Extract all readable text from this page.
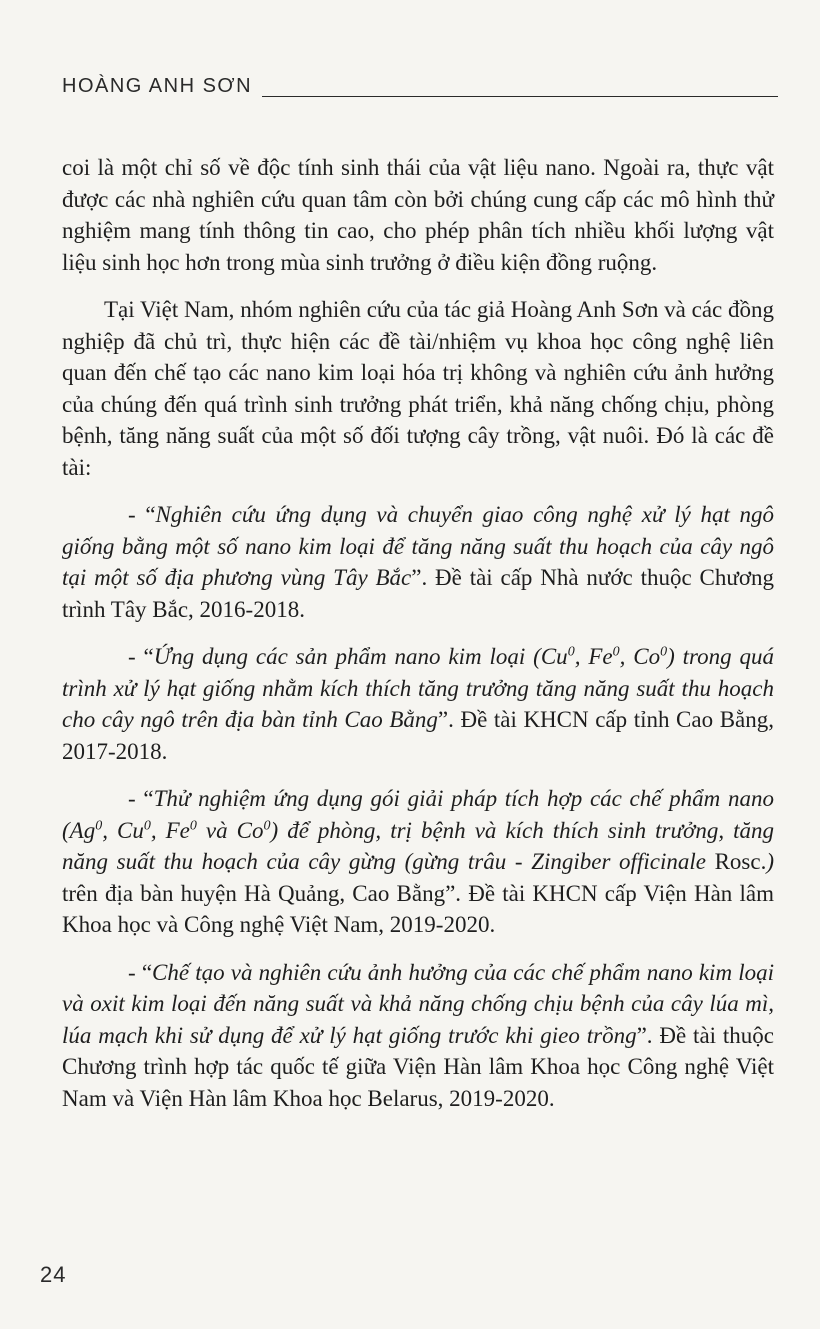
HOÀNG ANH SƠN

coi là một chỉ số về độc tính sinh thái của vật liệu nano. Ngoài ra, thực vật được các nhà nghiên cứu quan tâm còn bởi chúng cung cấp các mô hình thử nghiệm mang tính thông tin cao, cho phép phân tích nhiều khối lượng vật liệu sinh học hơn trong mùa sinh trưởng ở điều kiện đồng ruộng.

Tại Việt Nam, nhóm nghiên cứu của tác giả Hoàng Anh Sơn và các đồng nghiệp đã chủ trì, thực hiện các đề tài/nhiệm vụ khoa học công nghệ liên quan đến chế tạo các nano kim loại hóa trị không và nghiên cứu ảnh hưởng của chúng đến quá trình sinh trưởng phát triển, khả năng chống chịu, phòng bệnh, tăng năng suất của một số đối tượng cây trồng, vật nuôi. Đó là các đề tài:

- “Nghiên cứu ứng dụng và chuyển giao công nghệ xử lý hạt ngô giống bằng một số nano kim loại để tăng năng suất thu hoạch của cây ngô tại một số địa phương vùng Tây Bắc”. Đề tài cấp Nhà nước thuộc Chương trình Tây Bắc, 2016-2018.

- “Ứng dụng các sản phẩm nano kim loại (Cu$^0$, Fe$^0$, Co$^0$) trong quá trình xử lý hạt giống nhằm kích thích tăng trưởng tăng năng suất thu hoạch cho cây ngô trên địa bàn tỉnh Cao Bằng”. Đề tài KHCN cấp tỉnh Cao Bằng, 2017-2018.

- “Thử nghiệm ứng dụng gói giải pháp tích hợp các chế phẩm nano (Ag$^0$, Cu$^0$, Fe$^0$ và Co$^0$) để phòng, trị bệnh và kích thích sinh trưởng, tăng năng suất thu hoạch của cây gừng (gừng trâu - Zingiber officinale Rosc.) trên địa bàn huyện Hà Quảng, Cao Bằng”. Đề tài KHCN cấp Viện Hàn lâm Khoa học và Công nghệ Việt Nam, 2019-2020.

- “Chế tạo và nghiên cứu ảnh hưởng của các chế phẩm nano kim loại và oxit kim loại đến năng suất và khả năng chống chịu bệnh của cây lúa mì, lúa mạch khi sử dụng để xử lý hạt giống trước khi gieo trồng”. Đề tài thuộc Chương trình hợp tác quốc tế giữa Viện Hàn lâm Khoa học Công nghệ Việt Nam và Viện Hàn lâm Khoa học Belarus, 2019-2020.

24
